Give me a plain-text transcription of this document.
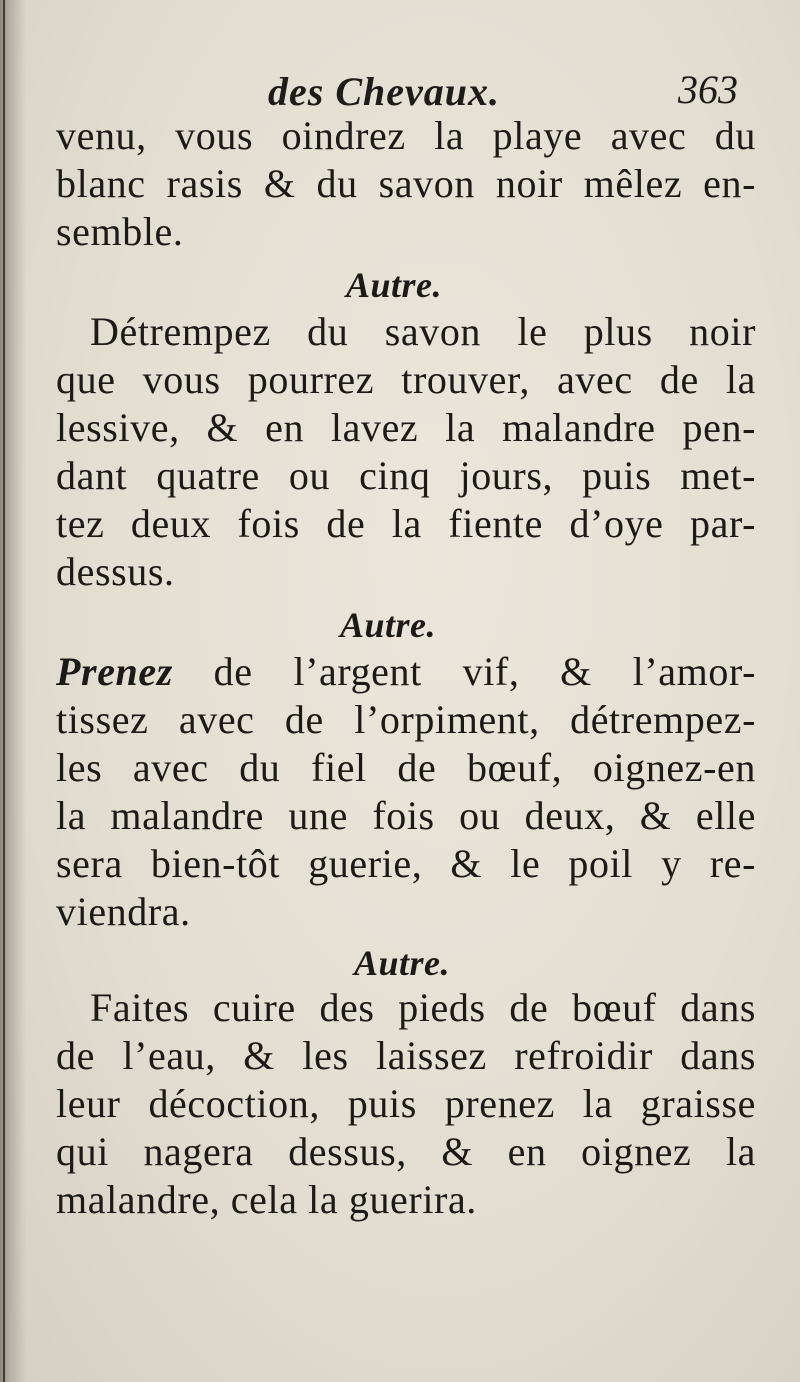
des Chevaux.	363
venu, vous oindrez la playe avec du
blanc rasis & du savon noir mêlez en-
semble.
Autre.
Détrempez du savon le plus noir
que vous pourrez trouver, avec de la
lessive, & en lavez la malandre pen-
dant quatre ou cinq jours, puis met-
tez deux fois de la fiente d’oye par-
dessus.
Autre.
Prenez de l’argent vif, & l’amor-
tissez avec de l’orpiment, détrempez-
les avec du fiel de bœuf, oignez-en
la malandre une fois ou deux, & elle
sera bien-tôt guerie, & le poil y re-
viendra.
Autre.
Faites cuire des pieds de bœuf dans
de l’eau, & les laissez refroidir dans
leur décoction, puis prenez la graisse
qui nagera dessus, & en oignez la
malandre, cela la guerira.
